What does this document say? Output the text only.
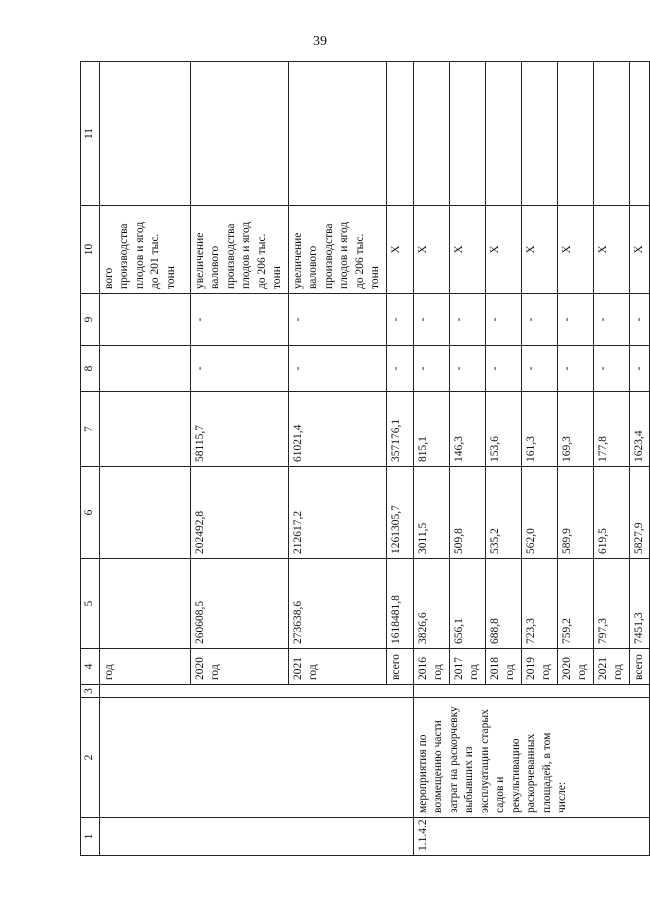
39
1	2	3	4	5	6	7	8	9	10	11
			год						вого производства плодов и ягод до 201 тыс. тонн	
			2020 год	260608,5	202492,8	58115,7	-	-	увеличение валового производства плодов и ягод до 206 тыс. тонн	
			2021 год	273638,6	212617,2	61021,4	-	-	увеличение валового производства плодов и ягод до 206 тыс. тонн	
			всего	1618481,8	1261305,7	357176,1	-	-	X	
1.1.4.2	мероприятия по возмещению части затрат на раскорчевку выбывших из эксплуатации старых садов и рекультивацию раскорчеванных площадей, в том числе:		2016 год	3826,6	3011,5	815,1	-	-	X	
			2017 год	656,1	509,8	146,3	-	-	X	
			2018 год	688,8	535,2	153,6	-	-	X	
			2019 год	723,3	562,0	161,3	-	-	X	
			2020 год	759,2	589,9	169,3	-	-	X	
			2021 год	797,3	619,5	177,8	-	-	X	
			всего	7451,3	5827,9	1623,4	-	-	X	
